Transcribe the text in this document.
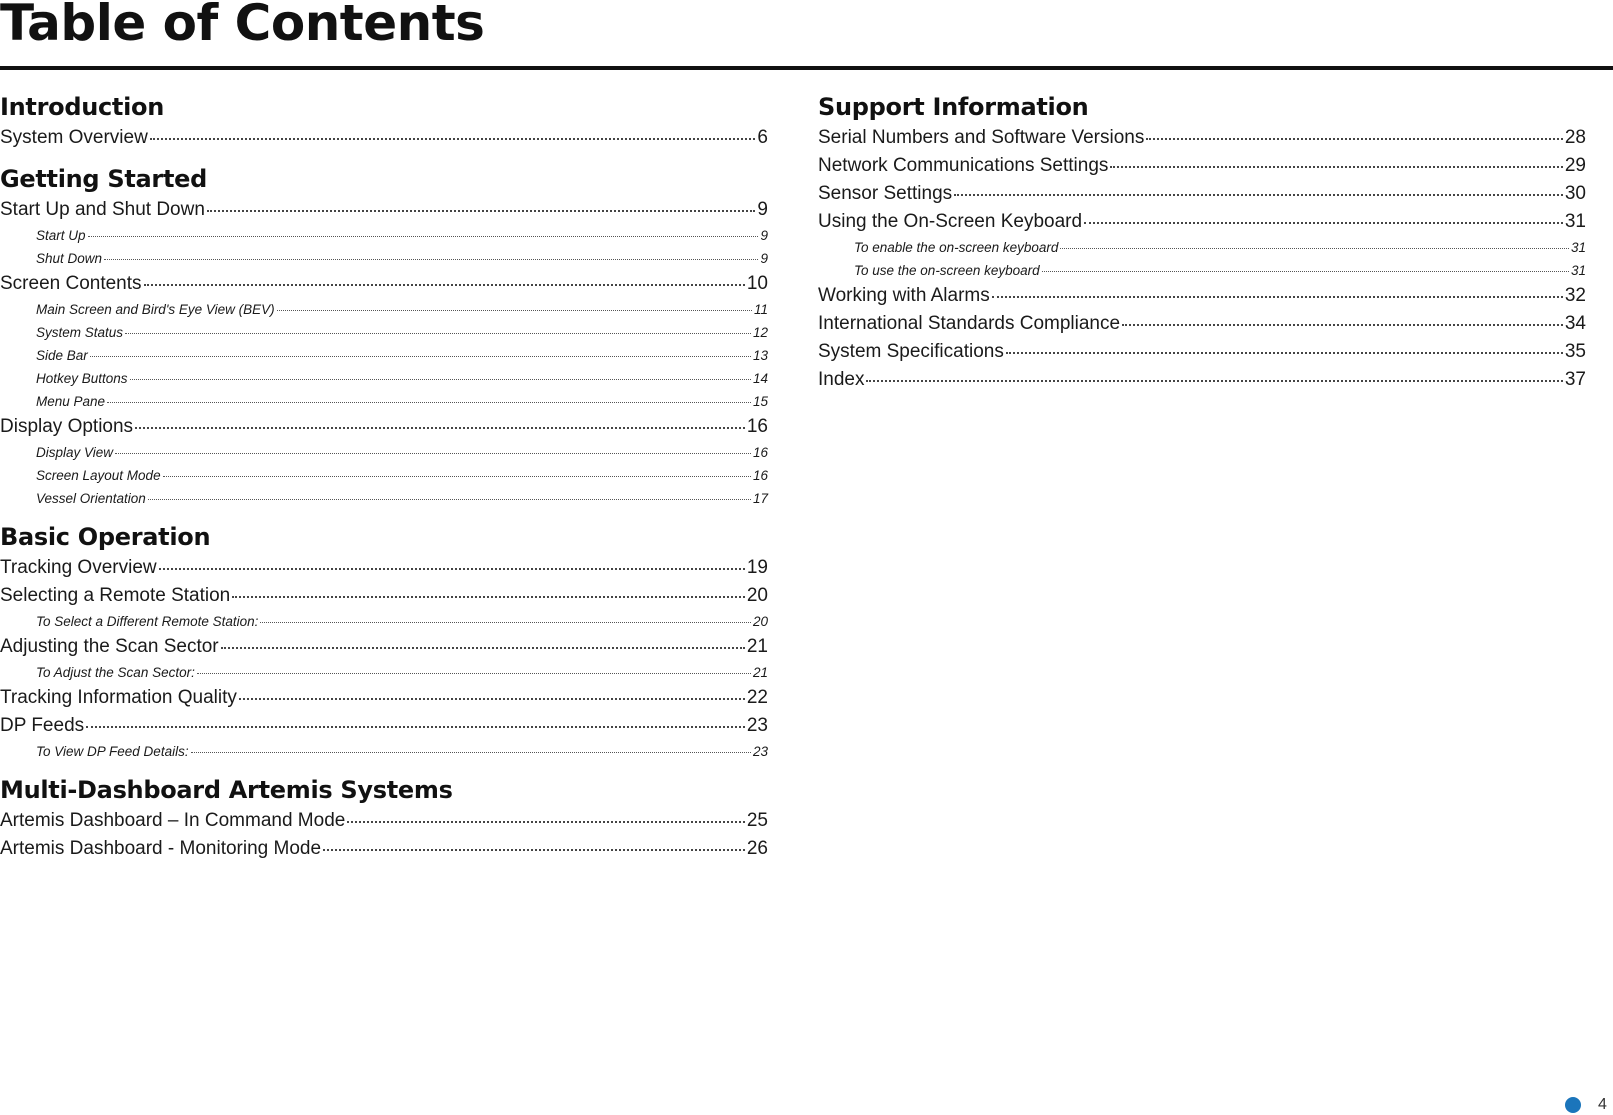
Table of Contents
Introduction
System Overview	6
Getting Started
Start Up and Shut Down	9
Start Up	9
Shut Down	9
Screen Contents	10
Main Screen and Bird's Eye View (BEV)	11
System Status	12
Side Bar	13
Hotkey Buttons	14
Menu Pane	15
Display Options	16
Display View	16
Screen Layout Mode	16
Vessel Orientation	17
Basic Operation
Tracking Overview	19
Selecting a Remote Station	20
To Select a Different Remote Station:	20
Adjusting the Scan Sector	21
To Adjust the Scan Sector:	21
Tracking Information Quality	22
DP Feeds	23
To View DP Feed Details:	23
Multi-Dashboard Artemis Systems
Artemis Dashboard – In Command Mode	25
Artemis Dashboard - Monitoring Mode	26
Support Information
Serial Numbers and Software Versions	28
Network Communications Settings	29
Sensor Settings	30
Using the On-Screen Keyboard	31
To enable the on-screen keyboard	31
To use the on-screen keyboard	31
Working with Alarms	32
International Standards Compliance	34
System Specifications	35
Index	37
4
